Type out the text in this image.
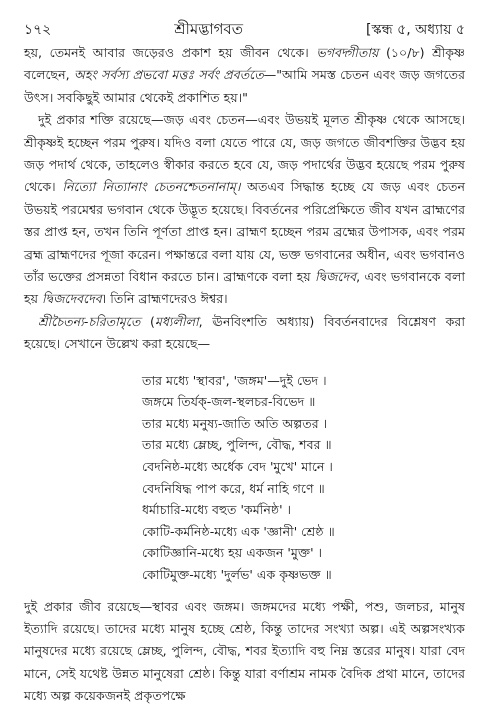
১৭২	শ্রীমদ্ভাগবত	[স্কন্ধ ৫, অধ্যায় ৫

হয়, তেমনই আবার জড়েরও প্রকাশ হয় জীবন থেকে। ভগবদ্গীতায় (১০/৮) শ্রীকৃষ্ণ বলেছেন, অহং সর্বস্য প্রভবো মত্তঃ সর্বং প্রবর্ততে—"আমি সমস্ত চেতন এবং জড় জগতের উৎস। সবকিছুই আমার থেকেই প্রকাশিত হয়।"

দুই প্রকার শক্তি রয়েছে—জড় এবং চেতন—এবং উভয়ই মূলত শ্রীকৃষ্ণ থেকে আসছে। শ্রীকৃষ্ণই হচ্ছেন পরম পুরুষ। যদিও বলা যেতে পারে যে, জড় জগতে জীবশক্তির উদ্ভব হয় জড় পদার্থ থেকে, তাহলেও স্বীকার করতে হবে যে, জড় পদার্থের উদ্ভব হয়েছে পরম পুরুষ থেকে। নিত্যো নিত্যানাং চেতনশ্চেতনানাম্। অতএব সিদ্ধান্ত হচ্ছে যে জড় এবং চেতন উভয়ই পরমেশ্বর ভগবান থেকে উদ্ভূত হয়েছে। বিবর্তনের পরিপ্রেক্ষিতে জীব যখন ব্রাহ্মণের স্তর প্রাপ্ত হন, তখন তিনি পূর্ণতা প্রাপ্ত হন। ব্রাহ্মণ হচ্ছেন পরম ব্রহ্মের উপাসক, এবং পরম ব্রহ্ম ব্রাহ্মণদের পূজা করেন। পক্ষান্তরে বলা যায় যে, ভক্ত ভগবানের অধীন, এবং ভগবানও তাঁর ভক্তের প্রসন্নতা বিধান করতে চান। ব্রাহ্মণকে বলা হয় দ্বিজদেব, এবং ভগবানকে বলা হয় দ্বিজদেবদেব। তিনি ব্রাহ্মণদেরও ঈশ্বর।

শ্রীচৈতন্য-চরিতামৃতে (মধ্যলীলা, ঊনবিংশতি অধ্যায়) বিবর্তনবাদের বিশ্লেষণ করা হয়েছে। সেখানে উল্লেখ করা হয়েছে—

তার মধ্যে 'স্থাবর', 'জঙ্গম'—দুই ভেদ ।
জঙ্গমে তির্যক্-জল-স্থলচর-বিভেদ ॥
তার মধ্যে মনুষ্য-জাতি অতি অল্পতর ।
তার মধ্যে ম্লেচ্ছ, পুলিন্দ, বৌদ্ধ, শবর ॥
বেদনিষ্ঠ-মধ্যে অর্ধেক বেদ 'মুখে' মানে ।
বেদনিষিদ্ধ পাপ করে, ধর্ম নাহি গণে ॥
ধর্মাচারি-মধ্যে বহুত 'কর্মনিষ্ঠ' ।
কোটি-কর্মনিষ্ঠ-মধ্যে এক 'জ্ঞানী' শ্রেষ্ঠ ॥
কোটিজ্ঞানি-মধ্যে হয় একজন 'মুক্ত' ।
কোটিমুক্ত-মধ্যে 'দুর্লভ' এক কৃষ্ণভক্ত ॥

দুই প্রকার জীব রয়েছে—স্থাবর এবং জঙ্গম। জঙ্গমদের মধ্যে পক্ষী, পশু, জলচর, মানুষ ইত্যাদি রয়েছে। তাদের মধ্যে মানুষ হচ্ছে শ্রেষ্ঠ, কিন্তু তাদের সংখ্যা অল্প। এই অল্পসংখ্যক মানুষদের মধ্যে রয়েছে ম্লেচ্ছ, পুলিন্দ, বৌদ্ধ, শবর ইত্যাদি বহু নিম্ন স্তরের মানুষ। যারা বেদ মানে, সেই যথেষ্ট উন্নত মানুষেরা শ্রেষ্ঠ। কিন্তু যারা বর্ণাশ্রম নামক বৈদিক প্রথা মানে, তাদের মধ্যে অল্প কয়েকজনই প্রকৃতপক্ষে
